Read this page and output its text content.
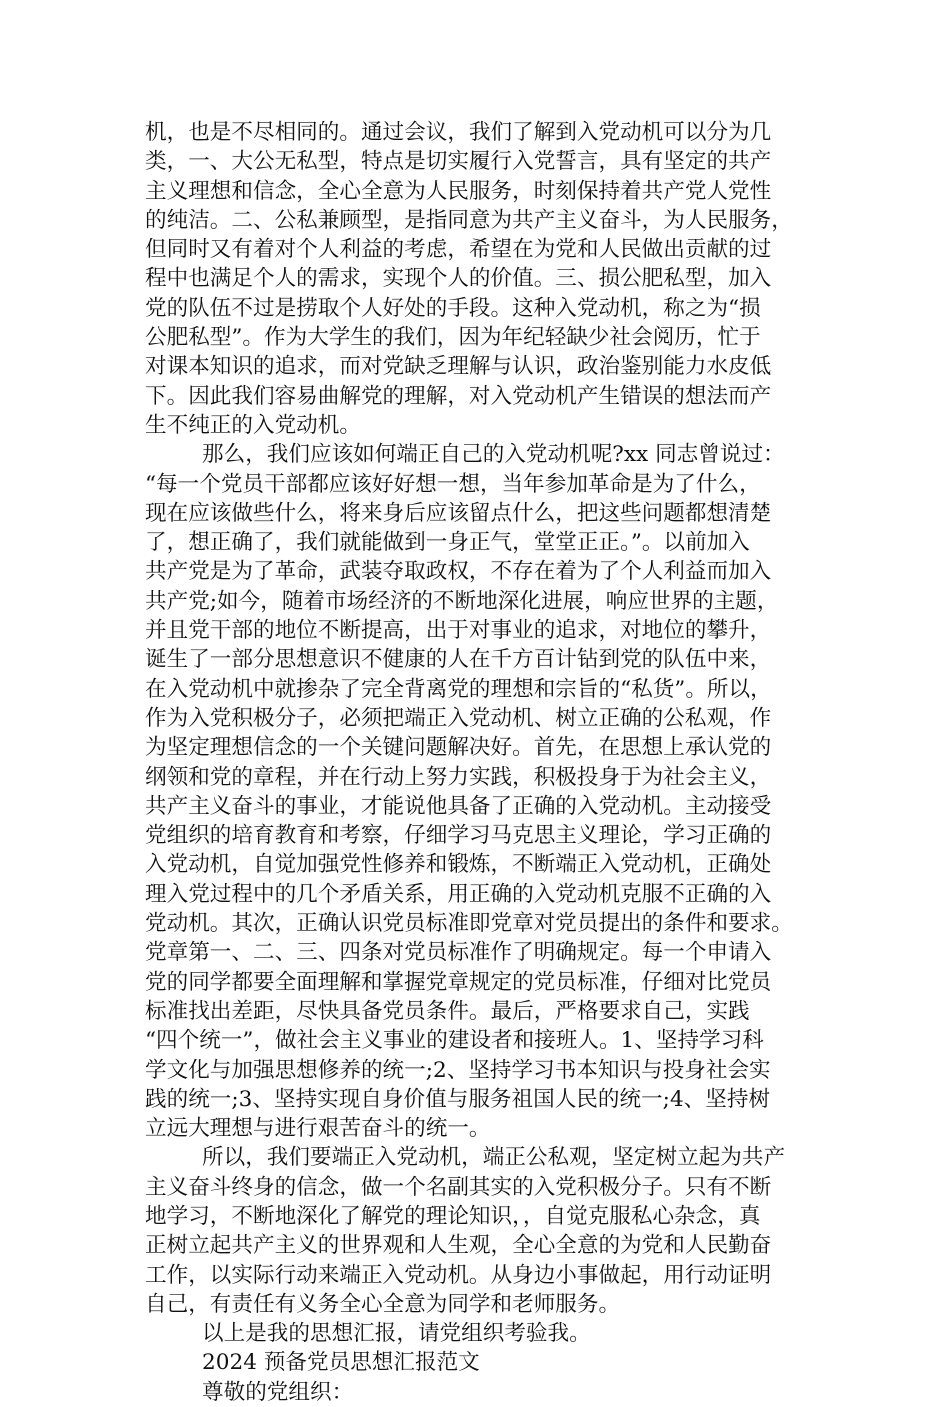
机，也是不尽相同的。通过会议，我们了解到入党动机可以分为几
类，一、大公无私型，特点是切实履行入党誓言，具有坚定的共产
主义理想和信念，全心全意为人民服务，时刻保持着共产党人党性
的纯洁。二、公私兼顾型，是指同意为共产主义奋斗，为人民服务，
但同时又有着对个人利益的考虑，希望在为党和人民做出贡献的过
程中也满足个人的需求，实现个人的价值。三、损公肥私型，加入
党的队伍不过是捞取个人好处的手段。这种入党动机，称之为“损
公肥私型”。作为大学生的我们，因为年纪轻缺少社会阅历，忙于
对课本知识的追求，而对党缺乏理解与认识，政治鉴别能力水皮低
下。因此我们容易曲解党的理解，对入党动机产生错误的想法而产
生不纯正的入党动机。
那么，我们应该如何端正自己的入党动机呢?xx 同志曾说过：
“每一个党员干部都应该好好想一想，当年参加革命是为了什么，
现在应该做些什么，将来身后应该留点什么，把这些问题都想清楚
了，想正确了，我们就能做到一身正气，堂堂正正。”。以前加入
共产党是为了革命，武装夺取政权，不存在着为了个人利益而加入
共产党;如今，随着市场经济的不断地深化进展，响应世界的主题，
并且党干部的地位不断提高，出于对事业的追求，对地位的攀升，
诞生了一部分思想意识不健康的人在千方百计钻到党的队伍中来，
在入党动机中就掺杂了完全背离党的理想和宗旨的“私货”。所以，
作为入党积极分子，必须把端正入党动机、树立正确的公私观，作
为坚定理想信念的一个关键问题解决好。首先，在思想上承认党的
纲领和党的章程，并在行动上努力实践，积极投身于为社会主义，
共产主义奋斗的事业，才能说他具备了正确的入党动机。主动接受
党组织的培育教育和考察，仔细学习马克思主义理论，学习正确的
入党动机，自觉加强党性修养和锻炼，不断端正入党动机，正确处
理入党过程中的几个矛盾关系，用正确的入党动机克服不正确的入
党动机。其次，正确认识党员标准即党章对党员提出的条件和要求。
党章第一、二、三、四条对党员标准作了明确规定。每一个申请入
党的同学都要全面理解和掌握党章规定的党员标准，仔细对比党员
标准找出差距，尽快具备党员条件。最后，严格要求自己，实践
“四个统一”，做社会主义事业的建设者和接班人。1、坚持学习科
学文化与加强思想修养的统一;2、坚持学习书本知识与投身社会实
践的统一;3、坚持实现自身价值与服务祖国人民的统一;4、坚持树
立远大理想与进行艰苦奋斗的统一。
所以，我们要端正入党动机，端正公私观，坚定树立起为共产
主义奋斗终身的信念，做一个名副其实的入党积极分子。只有不断
地学习，不断地深化了解党的理论知识，，自觉克服私心杂念，真
正树立起共产主义的世界观和人生观，全心全意的为党和人民勤奋
工作，以实际行动来端正入党动机。从身边小事做起，用行动证明
自己，有责任有义务全心全意为同学和老师服务。
以上是我的思想汇报，请党组织考验我。
2024 预备党员思想汇报范文
尊敬的党组织：
